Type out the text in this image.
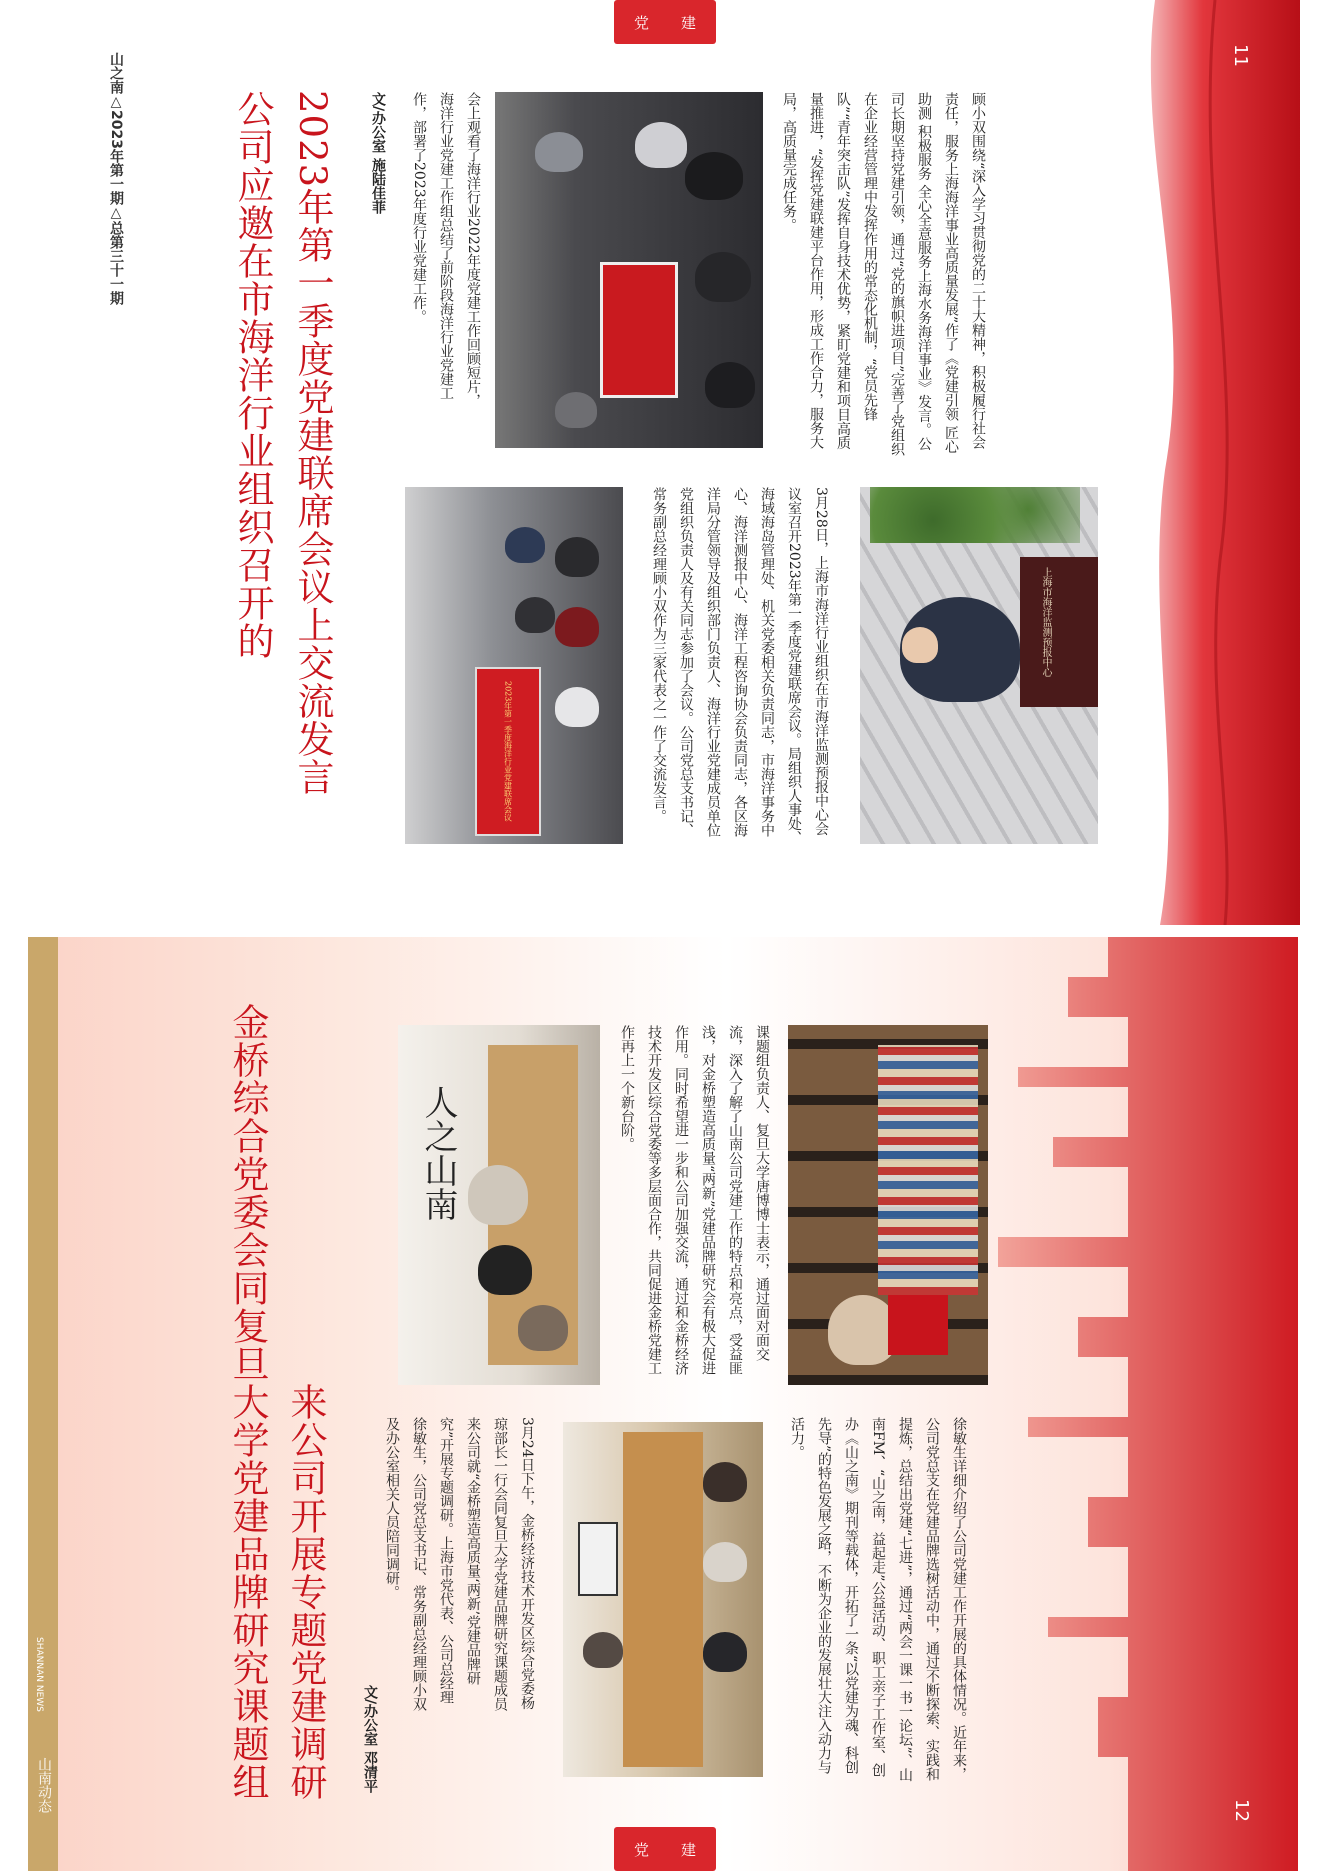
11
党 建
山之南△2023年第一期△总第三十一期	公司应邀在市海洋行业组织召开的 2023年第一季度党建联席会议上交流发言	文/办公室 施陆佳菲	会上观看了海洋行业2022年度党建工作回顾短片，海洋行业党建工作组总结了前阶段海洋行业党建工作，部署了2023年度行业党建工作。	顾小双围绕“深入学习贯彻党的二十大精神，积极履行社会责任，服务上海海洋事业高质量发展”作了《党建引领 匠心助测 积极服务 全心全意服务上海水务海洋事业》发言。公司长期坚持党建引领，通过“党的旗帜进项目”完善了党组织在企业经营管理中发挥作用的常态化机制，“党员先锋队”“青年突击队”发挥自身技术优势，紧盯党建和项目高质量推进，“发挥党建联建平台作用，形成工作合力，服务大局，高质量完成任务。
2023年第一季度海洋行业党建联席会议	3月28日，上海市海洋行业组织在市海洋监测预报中心会议室召开2023年第一季度党建联席会议。局组织人事处、海域海岛管理处、机关党委相关负责同志，市海洋事务中心、海洋测报中心、海洋工程咨询协会负责同志，各区海洋局分管领导及组织部门负责人、海洋行业党建成员单位党组织负责人及有关同志参加了会议。公司党总支书记、常务副总经理顾小双作为三家代表之一作了交流发言。	上海市海洋监测预报中心
山南动态
SHANNAN NEWS
12
党 建
金桥综合党委会同复旦大学党建品牌研究课题组 来公司开展专题党建调研	文/办公室 邓清平
3月24日下午，金桥经济技术开发区综合党委杨琼部长一行会同复旦大学党建品牌研究课题成员来公司就“金桥塑造高质量‘两新’党建品牌研究”开展专题调研。上海市党代表、公司总经理徐敏生，公司党总支书记、常务副总经理顾小双及办公室相关人员陪同调研。
人之山南	课题组负责人、复旦大学唐博博士表示，通过面对面交流，深入了解了山南公司党建工作的特点和亮点，受益匪浅，对金桥塑造高质量“两新”党建品牌研究会有极大促进作用。同时希望进一步和公司加强交流，通过和金桥经济技术开发区综合党委等多层面合作，共同促进金桥党建工作再上一个新台阶。
徐敏生详细介绍了公司党建工作开展的具体情况。近年来，公司党总支在党建品牌选树活动中，通过不断探索、实践和提炼，总结出党建“七进”，通过“两会一课一书一论坛”、山南FM、“山之南，益起走”公益活动、职工亲子工作室、创办《山之南》期刊等载体，开拓了一条“以党建为魂、科创先导”的特色发展之路，不断为企业的发展壮大注入动力与活力。
